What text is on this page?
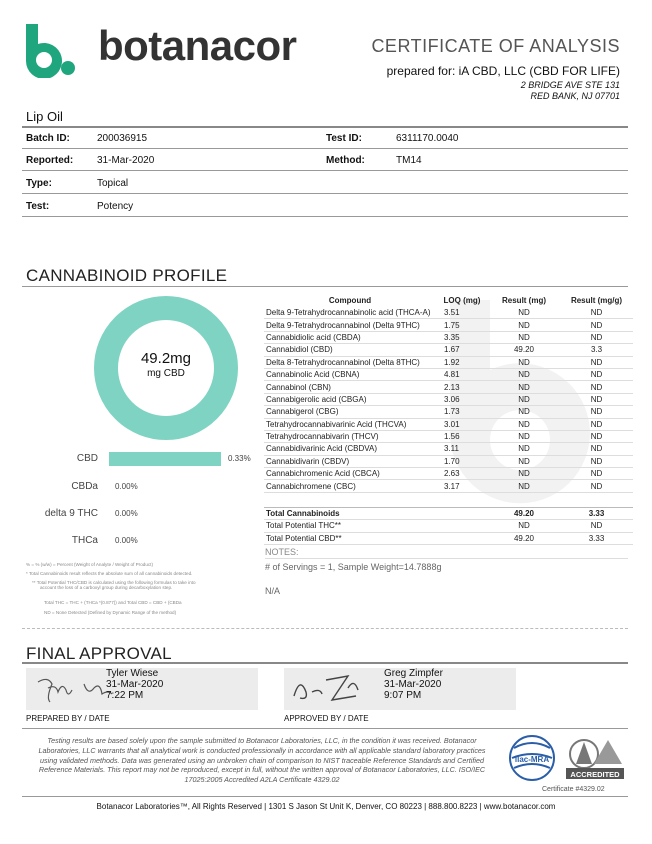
botanacor	CERTIFICATE OF ANALYSIS
prepared for: iA CBD, LLC (CBD FOR LIFE)
2 BRIDGE AVE STE 131
RED BANK, NJ 07701
Lip Oil
Batch ID:	200036915	Test ID:	6311170.0040
Reported: 31-Mar-2020	Method:	TM14
Type:	Topical
Test:	Potency
CANNABINOID PROFILE
49.2mg
mg CBD
CBD	0.33%
CBDa 0.00%
delta 9 THC 0.00%
THCa 0.00%
% = % (w/w) = Percent (Weight of Analyte / Weight of Product)
* Total Cannabinoids result reflects the absolute sum of all cannabinoids detected.
** Total Potential THC/CBD is calculated using the following formulas to take into
account the loss of a carboxyl group during decarboxylation step.
Total THC = THC + (THCa *(0.877)) and Total CBD = CBD + (CBDa
ND = None Detected (Defined by Dynamic Range of the method)
Compound	LOQ (mg)	Result (mg)	Result (mg/g)
Delta 9-Tetrahydrocannabinolic acid (THCA-A)	3.51	ND	ND
Delta 9-Tetrahydrocannabinol (Delta 9THC)	1.75	ND	ND
Cannabidiolic acid (CBDA)	3.35	ND	ND
Cannabidiol (CBD)	1.67	49.20	3.3
Delta 8-Tetrahydrocannabinol (Delta 8THC)	1.92	ND	ND
Cannabinolic Acid (CBNA)	4.81	ND	ND
Cannabinol (CBN)	2.13	ND	ND
Cannabigerolic acid (CBGA)	3.06	ND	ND
Cannabigerol (CBG)	1.73	ND	ND
Tetrahydrocannabivarinic Acid (THCVA)	3.01	ND	ND
Tetrahydrocannabivarin (THCV)	1.56	ND	ND
Cannabidivarinic Acid (CBDVA)	3.11	ND	ND
Cannabidivarin (CBDV)	1.70	ND	ND
Cannabichromenic Acid (CBCA)	2.63	ND	ND
Cannabichromene (CBC)	3.17	ND	ND

Total Cannabinoids		49.20	3.33
Total Potential THC**		ND	ND
Total Potential CBD**		49.20	3.33
NOTES:
# of Servings = 1, Sample Weight=14.7888g
N/A
FINAL APPROVAL
Tyler Wiese
31-Mar-2020
7:22 PM
PREPARED BY / DATE
Greg Zimpfer
31-Mar-2020
9:07 PM
APPROVED BY / DATE
Testing results are based solely upon the sample submitted to Botanacor Laboratories, LLC, in the condition it was received. Botanacor Laboratories, LLC warrants that all analytical work is conducted professionally in accordance with all applicable standard laboratory practices using validated methods. Data was generated using an unbroken chain of comparison to NIST traceable Reference Standards and Certified Reference Materials. This report may not be reproduced, except in full, without the written approval of Botanacor Laboratories, LLC. ISO/IEC 17025:2005 Accredited A2LA Certificate 4329.02
ilac-MRA
ACCREDITED
Certificate #4329.02
Botanacor Laboratories™, All Rights Reserved | 1301 S Jason St Unit K, Denver, CO 80223 | 888.800.8223 | www.botanacor.com
